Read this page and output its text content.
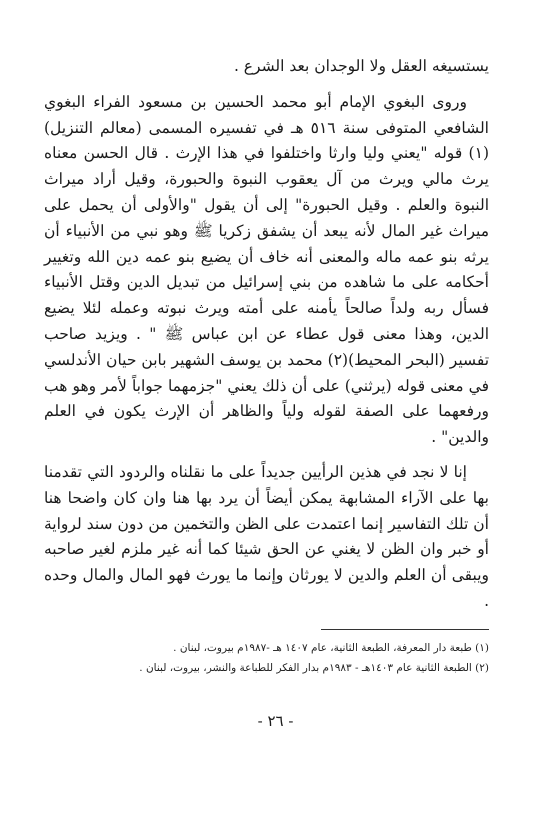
يستسيغه العقل ولا الوجدان بعد الشرع .

وروى البغوي الإمام أبو محمد الحسين بن مسعود الفراء البغوي الشافعي المتوفى سنة ٥١٦ هـ في تفسيره المسمى (معالم التنزيل)(١) قوله "يعني وليا وارثا واختلفوا في هذا الإرث . قال الحسن معناه يرث مالي ويرث من آل يعقوب النبوة والحبورة، وقيل أراد ميراث النبوة والعلم . وقيل الحبورة" إلى أن يقول "والأولى أن يحمل على ميراث غير المال لأنه يبعد أن يشفق زكريا ﷺ وهو نبي من الأنبياء أن يرثه بنو عمه ماله والمعنى أنه خاف أن يضيع بنو عمه دين الله وتغيير أحكامه على ما شاهده من بني إسرائيل من تبديل الدين وقتل الأنبياء فسأل ربه ولداً صالحاً يأمنه على أمته ويرث نبوته وعمله لئلا يضيع الدين، وهذا معنى قول عطاء عن ابن عباس ﷺ " . ويزيد صاحب تفسير (البحر المحيط)(٢) محمد بن يوسف الشهير بابن حيان الأندلسي في معنى قوله (يرثني) على أن ذلك يعني "جزمهما جواباً لأمر وهو هب ورفعهما على الصفة لقوله ولياً والظاهر أن الإرث يكون في العلم والدين" .

إنا لا نجد في هذين الرأيين جديداً على ما نقلناه والردود التي تقدمنا بها على الآراء المشابهة يمكن أيضاً أن يرد بها هنا وان كان واضحا هنا أن تلك التفاسير إنما اعتمدت على الظن والتخمين من دون سند لرواية أو خبر وان الظن لا يغني عن الحق شيئا كما أنه غير ملزم لغير صاحبه ويبقى أن العلم والدين لا يورثان وإنما ما يورث فهو المال والمال وحده .

(١) طبعة دار المعرفة، الطبعة الثانية، عام ١٤٠٧ هـ -١٩٨٧م بيروت، لبنان .
(٢) الطبعة الثانية عام ١٤٠٣هـ - ١٩٨٣م بدار الفكر للطباعة والنشر، بيروت، لبنان .
- ٢٦ -
